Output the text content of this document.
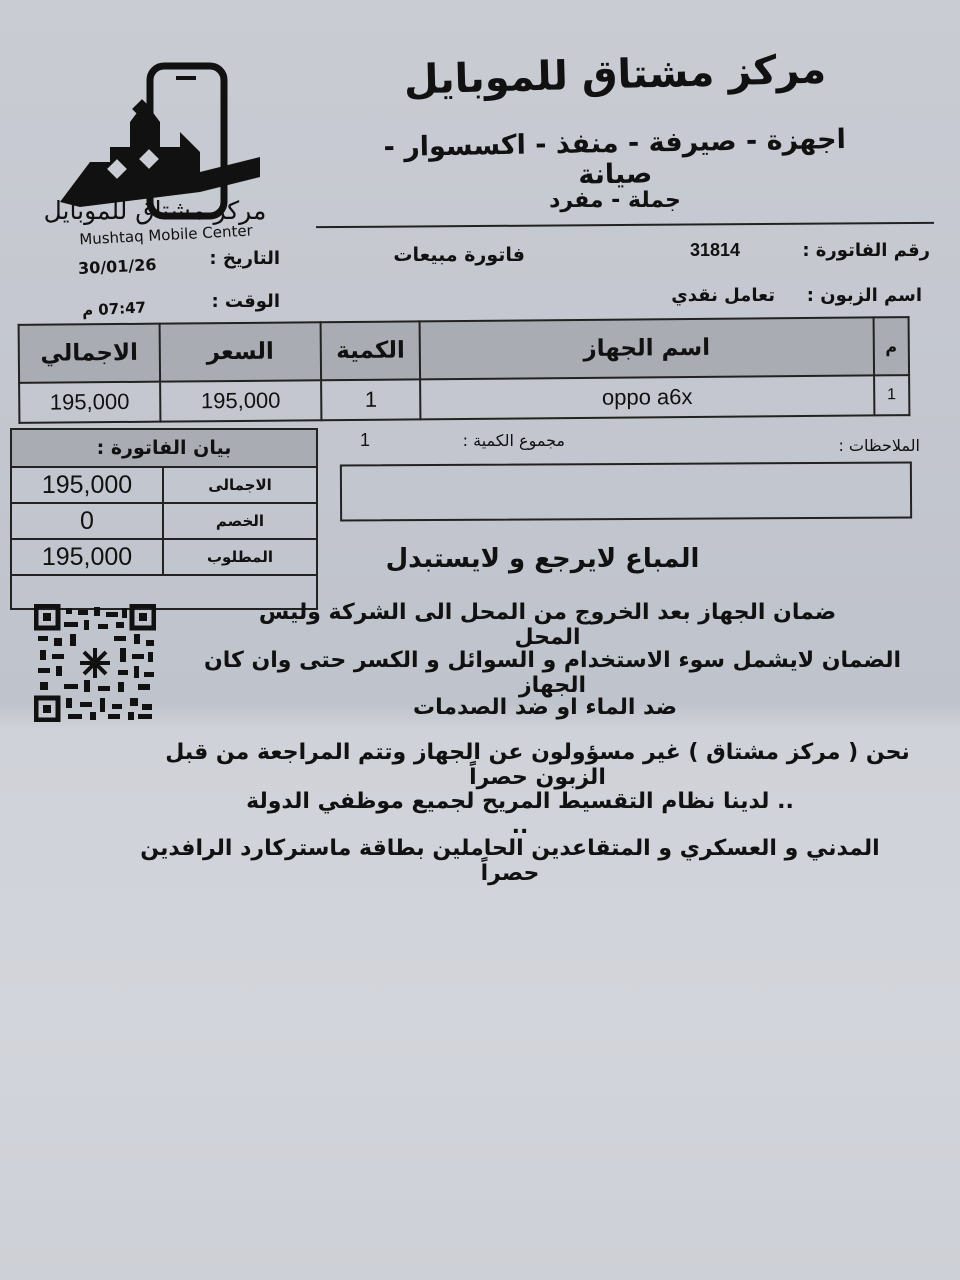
مركز مشتاق للموبايل
Mushtaq Mobile Center
مركز مشتاق للموبايل
اجهزة - صيرفة - منفذ - اكسسوار - صيانة
جملة - مفرد
رقم الفاتورة :
31814
فاتورة مبيعات
اسم الزبون :
تعامل نقدي
التاريخ :
30/01/26
الوقت :
07:47 م
م	اسم الجهاز	الكمية	السعر	الاجمالي
1	oppo a6x	1	195,000	195,000
بيان الفاتورة :	
الاجمالى	195,000
الخصم	0
المطلوب	195,000

الملاحظات :
مجموع الكمية :
1
المباع لايرجع و لايستبدل
ضمان الجهاز بعد الخروج من المحل الى الشركة وليس المحل
الضمان لايشمل سوء الاستخدام و السوائل و الكسر حتى وان كان الجهاز
ضد الماء او ضد الصدمات
نحن ( مركز مشتاق ) غير مسؤولون عن الجهاز وتتم المراجعة من قبل الزبون حصراً
.. لدينا نظام التقسيط المريح لجميع موظفي الدولة ..
المدني و العسكري و المتقاعدين الحاملين بطاقة ماستركارد الرافدين حصراً
